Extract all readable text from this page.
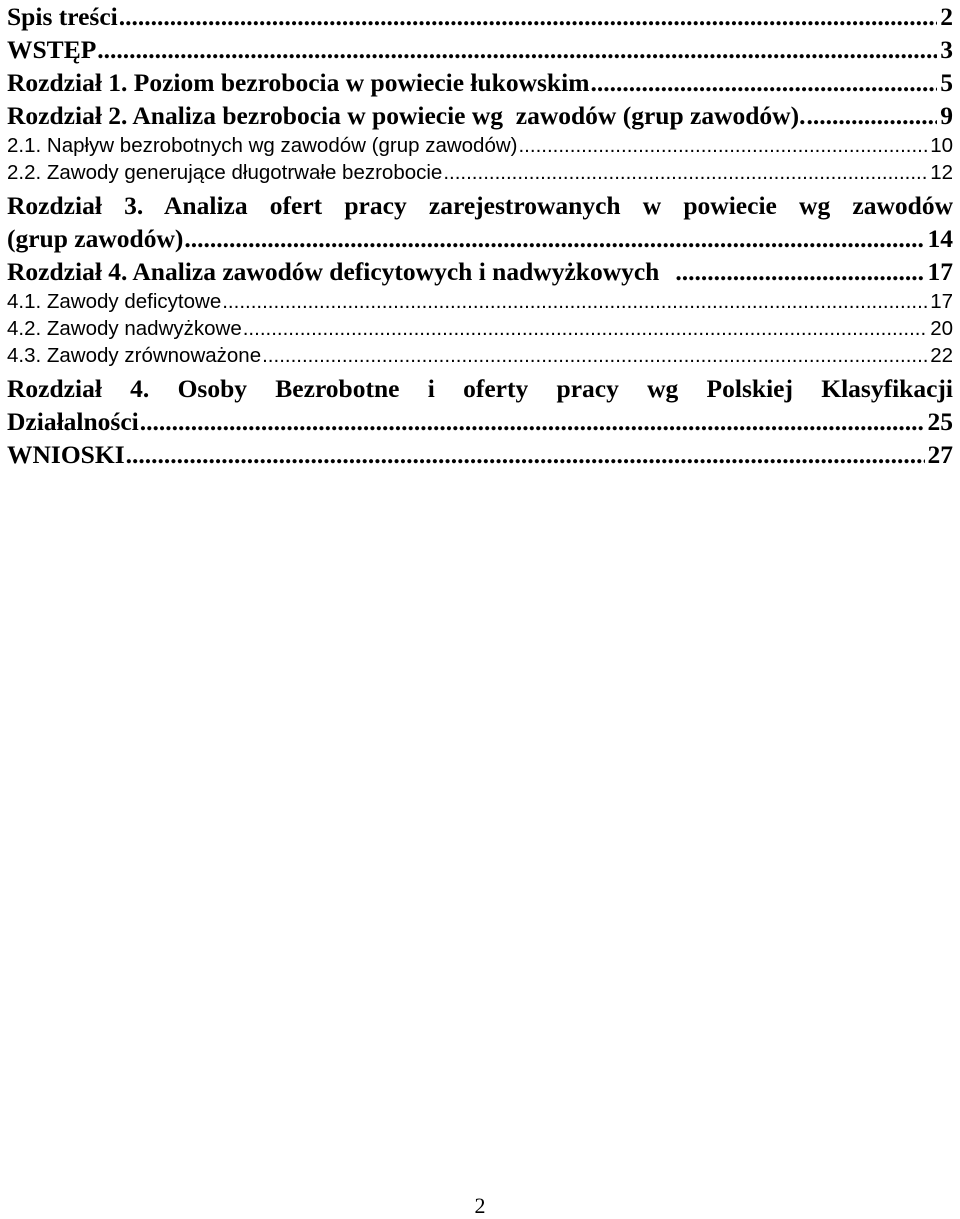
Spis treści .....	2
WSTĘP .....	3
Rozdział 1. Poziom bezrobocia w powiecie łukowskim .....	5
Rozdział 2. Analiza bezrobocia w powiecie wg  zawodów (grup zawodów). .....	9
2.1. Napływ bezrobotnych wg zawodów (grup zawodów) .....	10
2.2. Zawody generujące długotrwałe bezrobocie .....	12
Rozdział 3. Analiza ofert pracy zarejestrowanych w powiecie wg zawodów
(grup zawodów) .....	14
Rozdział 4. Analiza zawodów deficytowych i nadwyżkowych .....	17
4.1. Zawody deficytowe .....	17
4.2. Zawody nadwyżkowe .....	20
4.3. Zawody zrównoważone .....	22
Rozdział 4. Osoby Bezrobotne i oferty pracy wg Polskiej Klasyfikacji
Działalności .....	25
WNIOSKI .....	27
2
